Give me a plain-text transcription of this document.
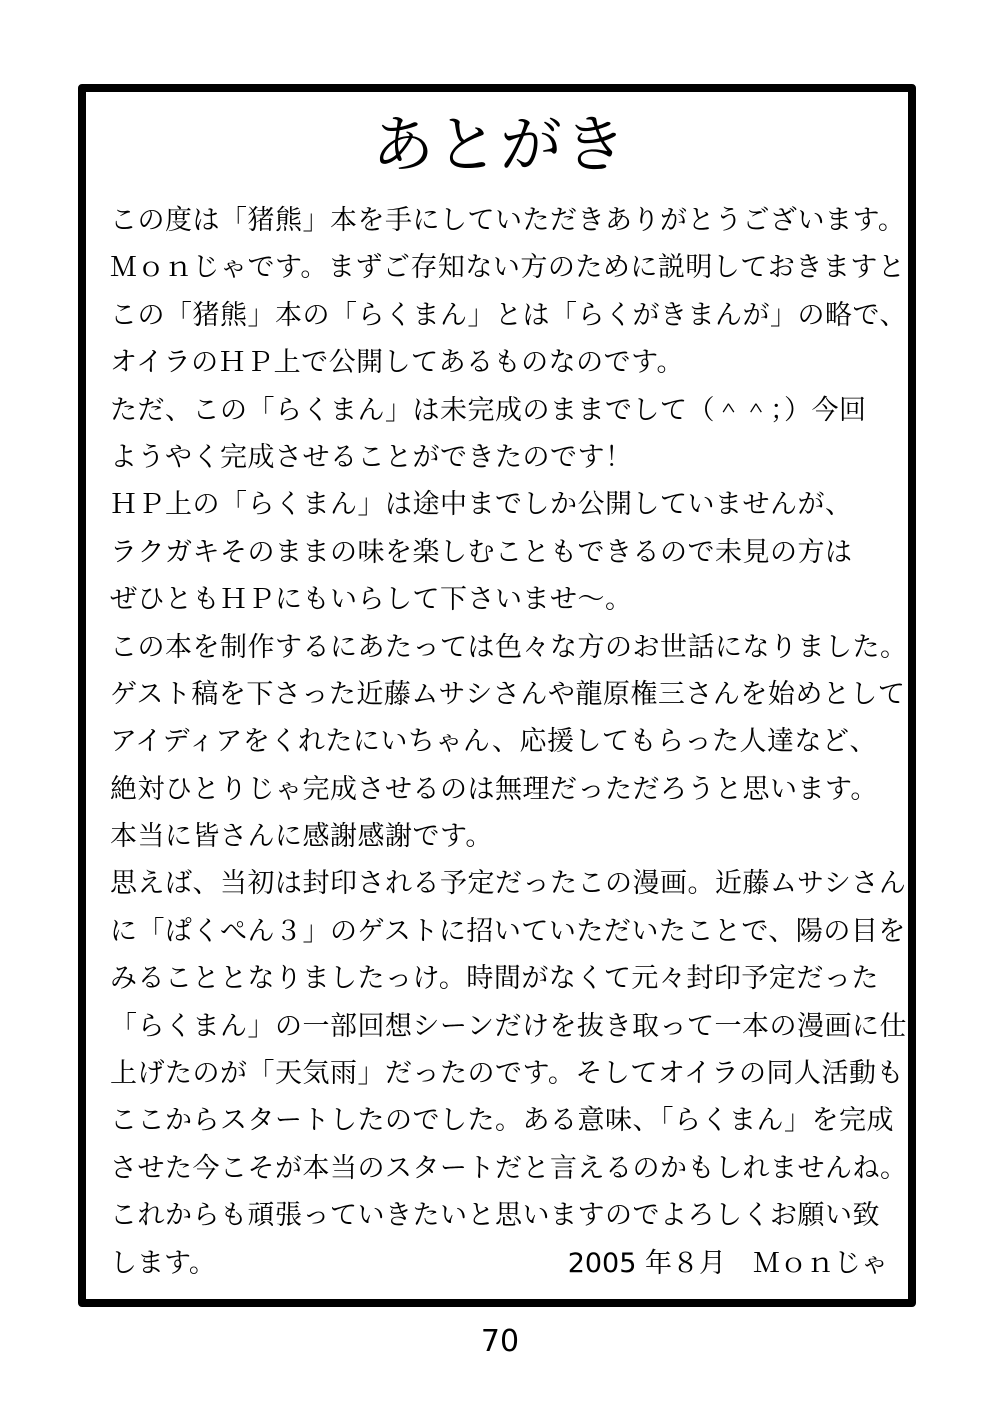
あとがき
この度は「猪熊」本を手にしていただきありがとうございます。
Ｍｏｎじゃです。まずご存知ない方のために説明しておきますと
この「猪熊」本の「らくまん」とは「らくがきまんが」の略で、
オイラのＨＰ上で公開してあるものなのです。
ただ、この「らくまん」は未完成のままでして（＾＾；）今回
ようやく完成させることができたのです！
ＨＰ上の「らくまん」は途中までしか公開していませんが、
ラクガキそのままの味を楽しむこともできるので未見の方は
ぜひともＨＰにもいらして下さいませ～。
この本を制作するにあたっては色々な方のお世話になりました。
ゲスト稿を下さった近藤ムサシさんや龍原権三さんを始めとして
アイディアをくれたにいちゃん、応援してもらった人達など、
絶対ひとりじゃ完成させるのは無理だっただろうと思います。
本当に皆さんに感謝感謝です。
思えば、当初は封印される予定だったこの漫画。近藤ムサシさん
に「ぱくぺん３」のゲストに招いていただいたことで、陽の目を
みることとなりましたっけ。時間がなくて元々封印予定だった
「らくまん」の一部回想シーンだけを抜き取って一本の漫画に仕
上げたのが「天気雨」だったのです。そしてオイラの同人活動も
ここからスタートしたのでした。ある意味、「らくまん」を完成
させた今こそが本当のスタートだと言えるのかもしれませんね。
これからも頑張っていきたいと思いますのでよろしくお願い致
します。	2005 年８月　Ｍｏｎじゃ
70
